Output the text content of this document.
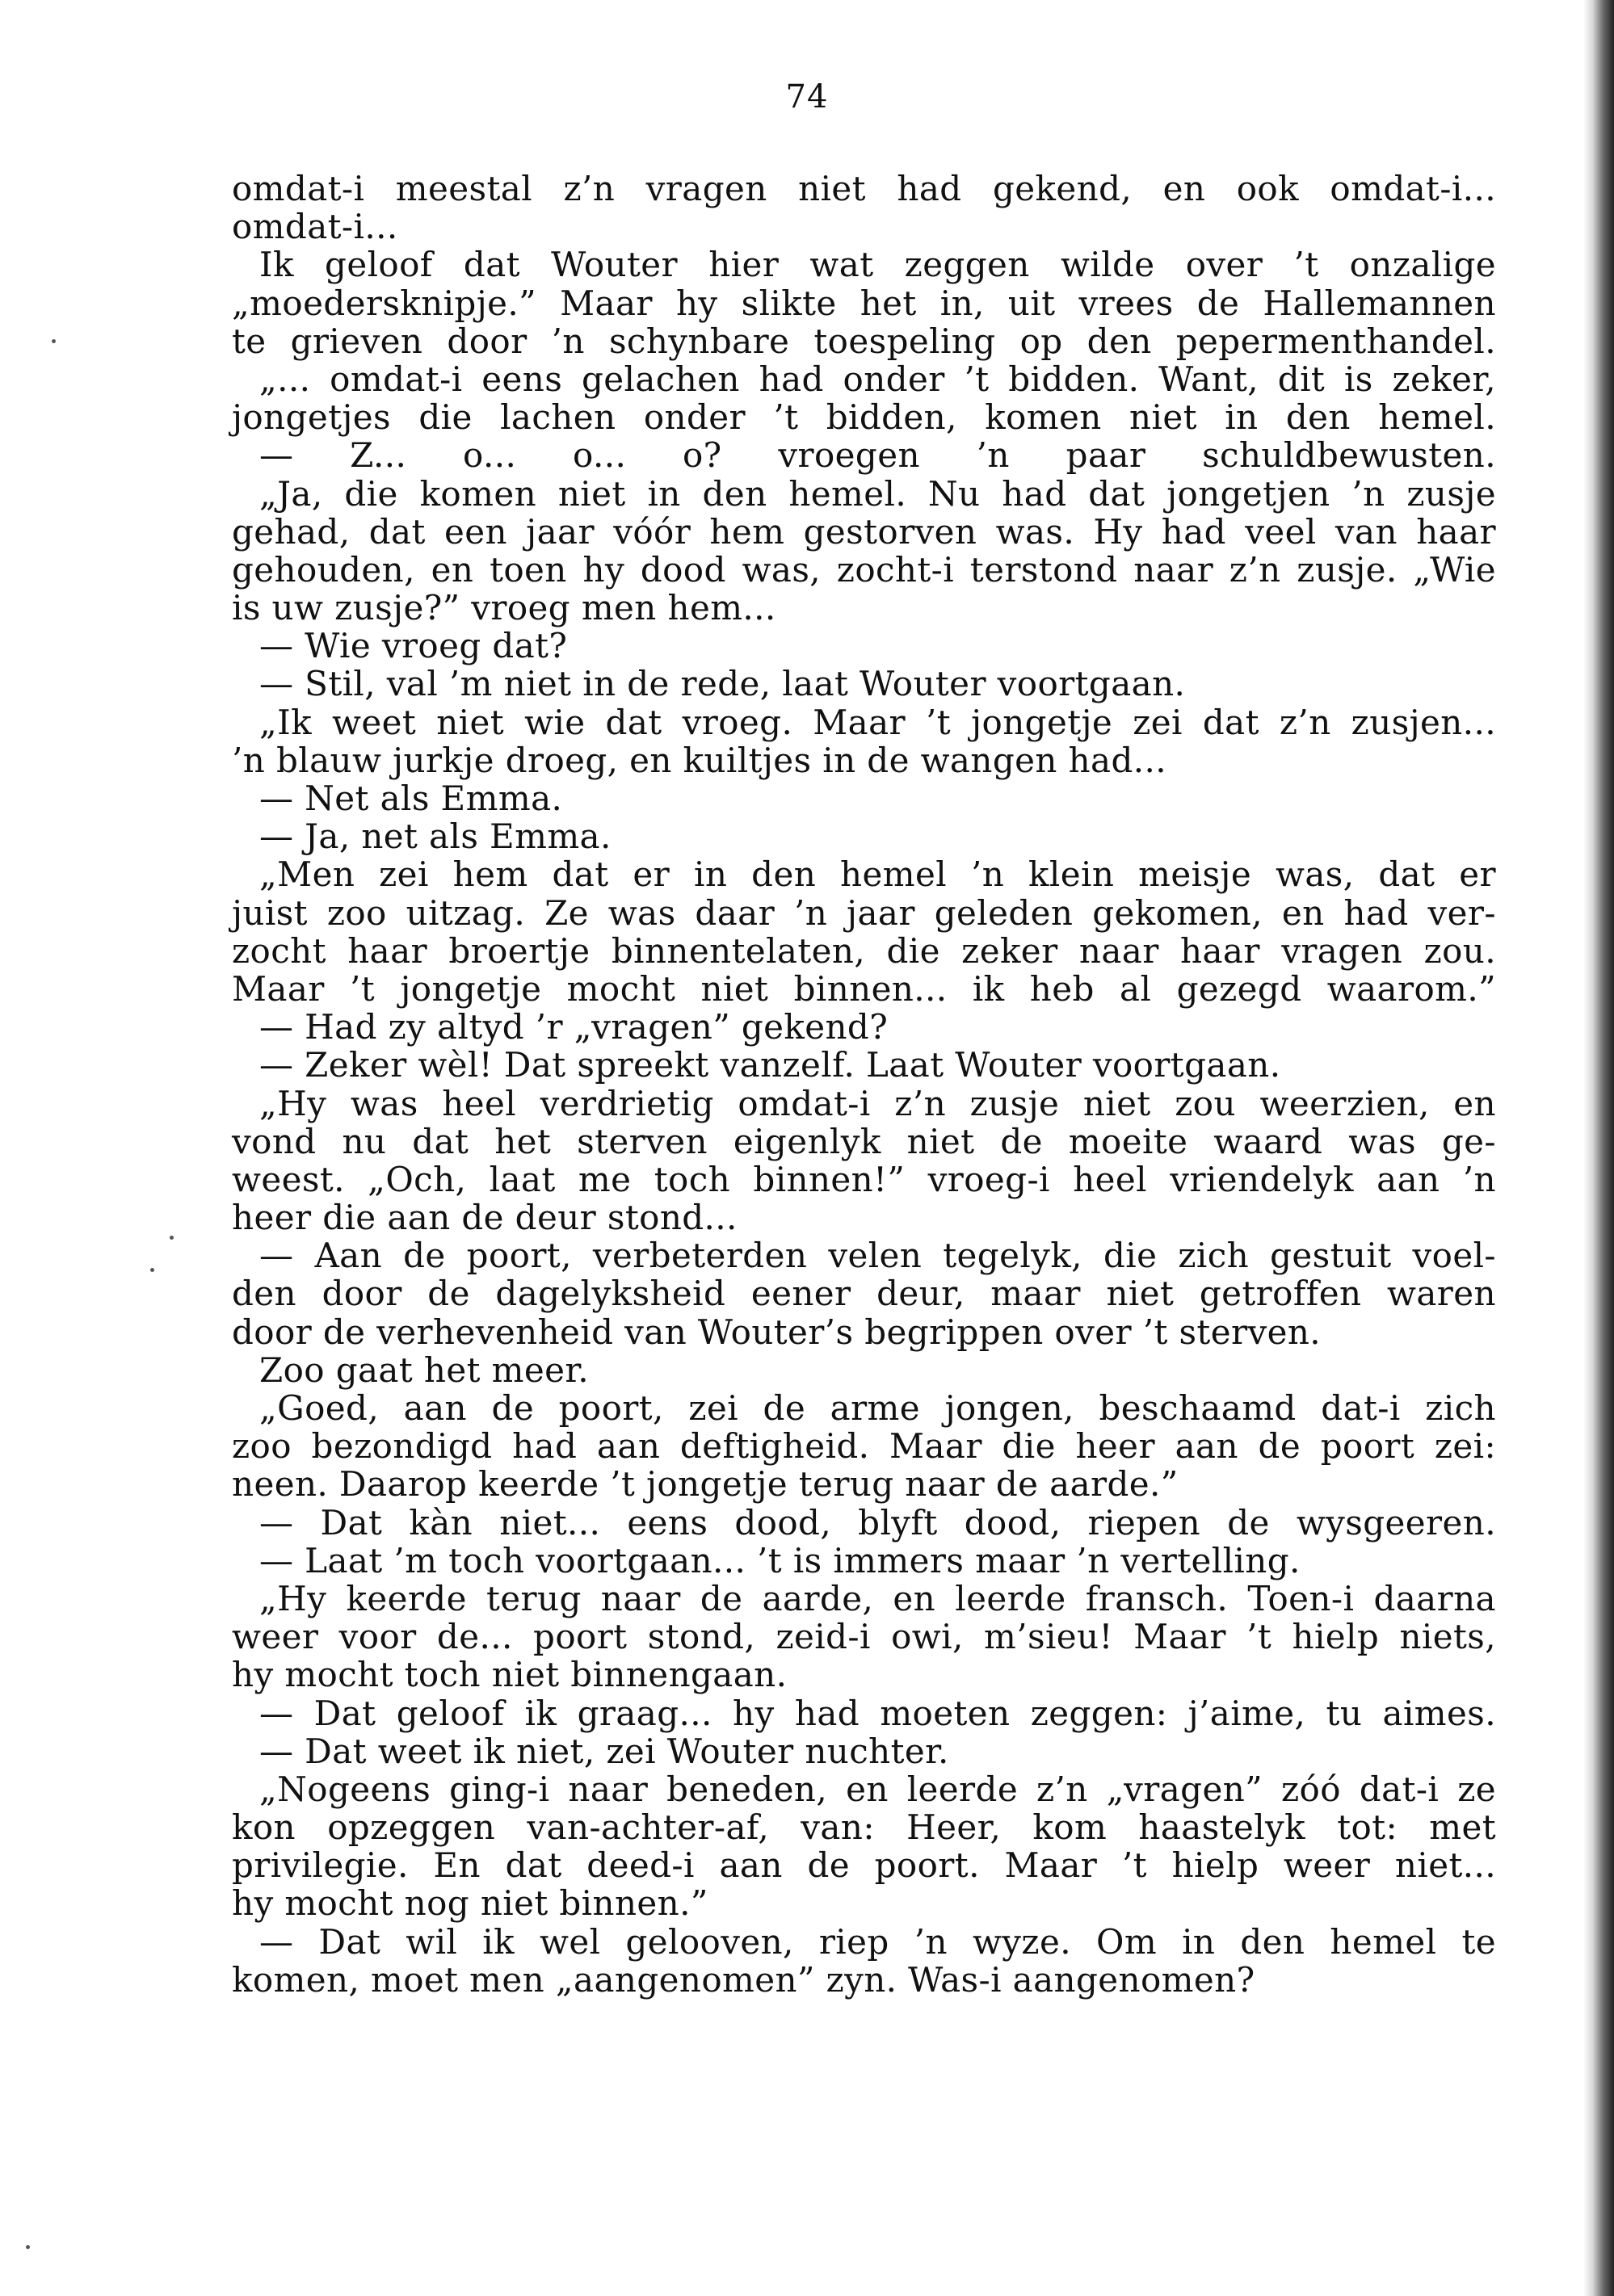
74
omdat-i meestal z’n vragen niet had gekend, en ook omdat-i...
omdat-i...
Ik geloof dat Wouter hier wat zeggen wilde over ’t onzalige
„moedersknipje.” Maar hy slikte het in, uit vrees de Hallemannen
te grieven door ’n schynbare toespeling op den pepermenthandel.
„... omdat-i eens gelachen had onder ’t bidden. Want, dit is zeker,
jongetjes die lachen onder ’t bidden, komen niet in den hemel.
— Z... o... o... o? vroegen ’n paar schuldbewusten.
„Ja, die komen niet in den hemel. Nu had dat jongetjen ’n zusje
gehad, dat een jaar vóór hem gestorven was. Hy had veel van haar
gehouden, en toen hy dood was, zocht-i terstond naar z’n zusje. „Wie
is uw zusje?” vroeg men hem...
— Wie vroeg dat?
— Stil, val ’m niet in de rede, laat Wouter voortgaan.
„Ik weet niet wie dat vroeg. Maar ’t jongetje zei dat z’n zusjen...
’n blauw jurkje droeg, en kuiltjes in de wangen had...
— Net als Emma.
— Ja, net als Emma.
„Men zei hem dat er in den hemel ’n klein meisje was, dat er
juist zoo uitzag. Ze was daar ’n jaar geleden gekomen, en had ver-
zocht haar broertje binnentelaten, die zeker naar haar vragen zou.
Maar ’t jongetje mocht niet binnen... ik heb al gezegd waarom.”
— Had zy altyd ’r „vragen” gekend?
— Zeker wèl! Dat spreekt vanzelf. Laat Wouter voortgaan.
„Hy was heel verdrietig omdat-i z’n zusje niet zou weerzien, en
vond nu dat het sterven eigenlyk niet de moeite waard was ge-
weest. „Och, laat me toch binnen!” vroeg-i heel vriendelyk aan ’n
heer die aan de deur stond...
— Aan de poort, verbeterden velen tegelyk, die zich gestuit voel-
den door de dagelyksheid eener deur, maar niet getroffen waren
door de verhevenheid van Wouter’s begrippen over ’t sterven.
Zoo gaat het meer.
„Goed, aan de poort, zei de arme jongen, beschaamd dat-i zich
zoo bezondigd had aan deftigheid. Maar die heer aan de poort zei:
neen. Daarop keerde ’t jongetje terug naar de aarde.”
— Dat kàn niet... eens dood, blyft dood, riepen de wysgeeren.
— Laat ’m toch voortgaan... ’t is immers maar ’n vertelling.
„Hy keerde terug naar de aarde, en leerde fransch. Toen-i daarna
weer voor de... poort stond, zeid-i owi, m’sieu! Maar ’t hielp niets,
hy mocht toch niet binnengaan.
— Dat geloof ik graag... hy had moeten zeggen: j’aime, tu aimes.
— Dat weet ik niet, zei Wouter nuchter.
„Nogeens ging-i naar beneden, en leerde z’n „vragen” zóó dat-i ze
kon opzeggen van-achter-af, van: Heer, kom haastelyk tot: met
privilegie. En dat deed-i aan de poort. Maar ’t hielp weer niet...
hy mocht nog niet binnen.”
— Dat wil ik wel gelooven, riep ’n wyze. Om in den hemel te
komen, moet men „aangenomen” zyn. Was-i aangenomen?
